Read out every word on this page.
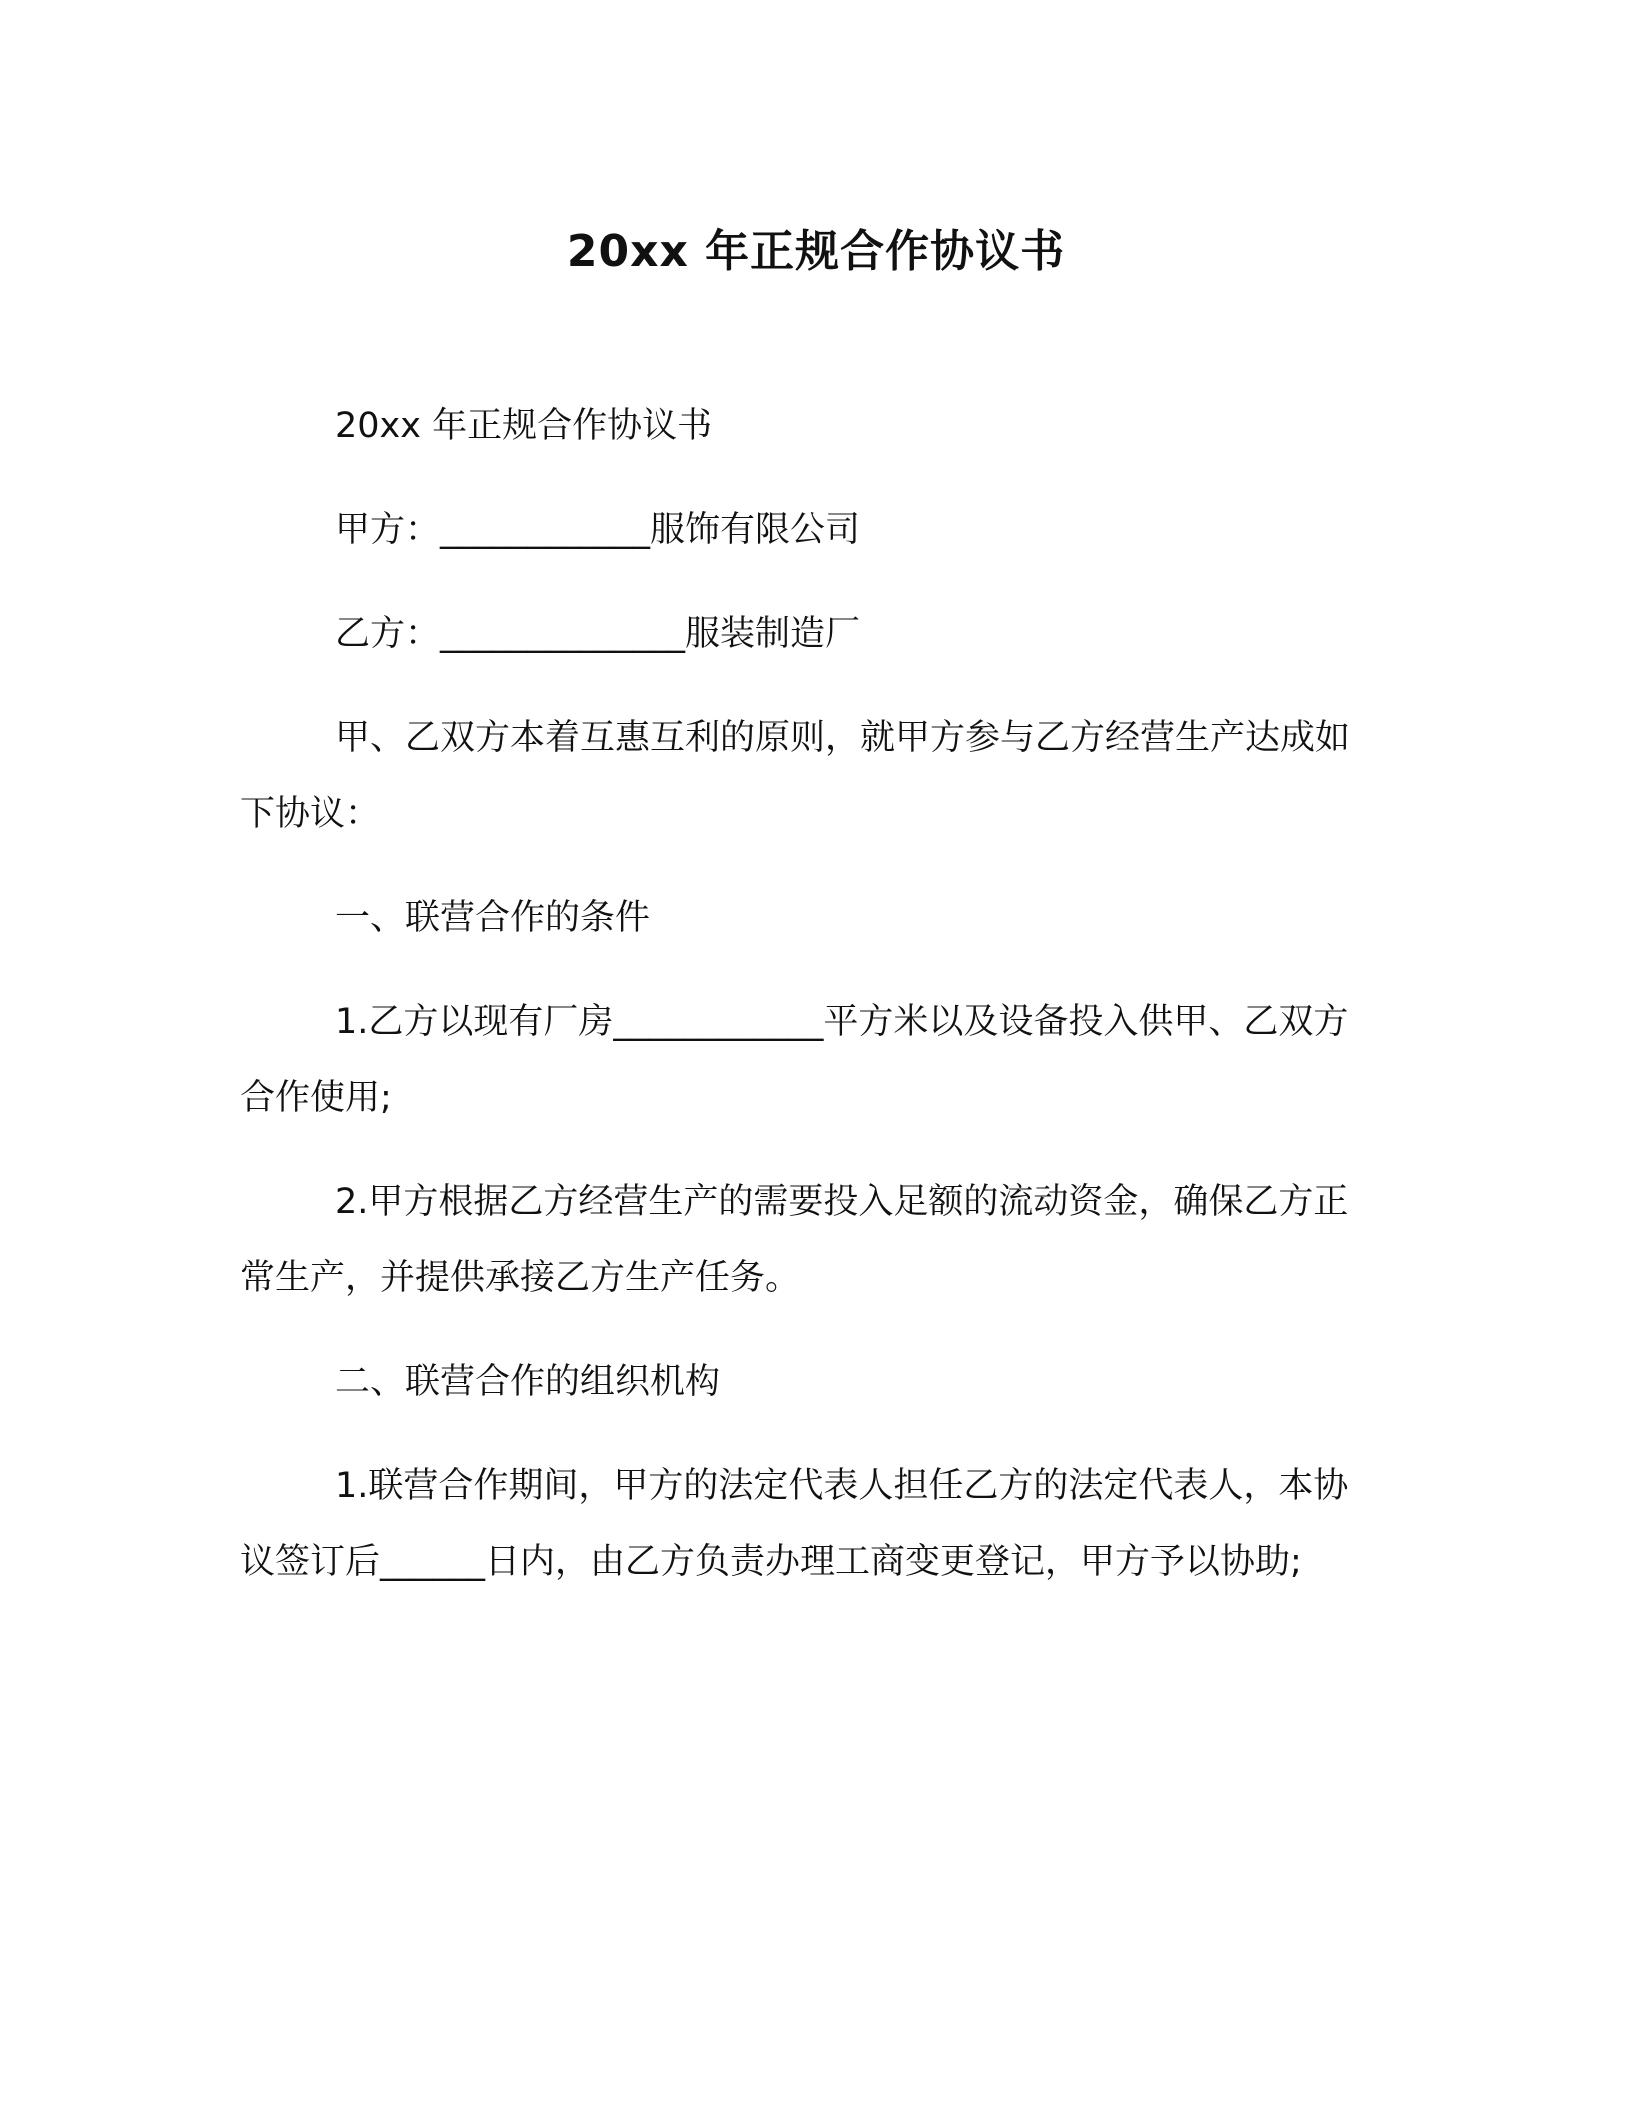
20xx 年正规合作协议书

20xx 年正规合作协议书

甲方：____________服饰有限公司

乙方：______________服装制造厂

甲、乙双方本着互惠互利的原则，就甲方参与乙方经营生产达成如下协议：

一、联营合作的条件

1.乙方以现有厂房____________平方米以及设备投入供甲、乙双方合作使用;

2.甲方根据乙方经营生产的需要投入足额的流动资金，确保乙方正常生产，并提供承接乙方生产任务。

二、联营合作的组织机构

1.联营合作期间，甲方的法定代表人担任乙方的法定代表人，本协议签订后______日内，由乙方负责办理工商变更登记，甲方予以协助;
